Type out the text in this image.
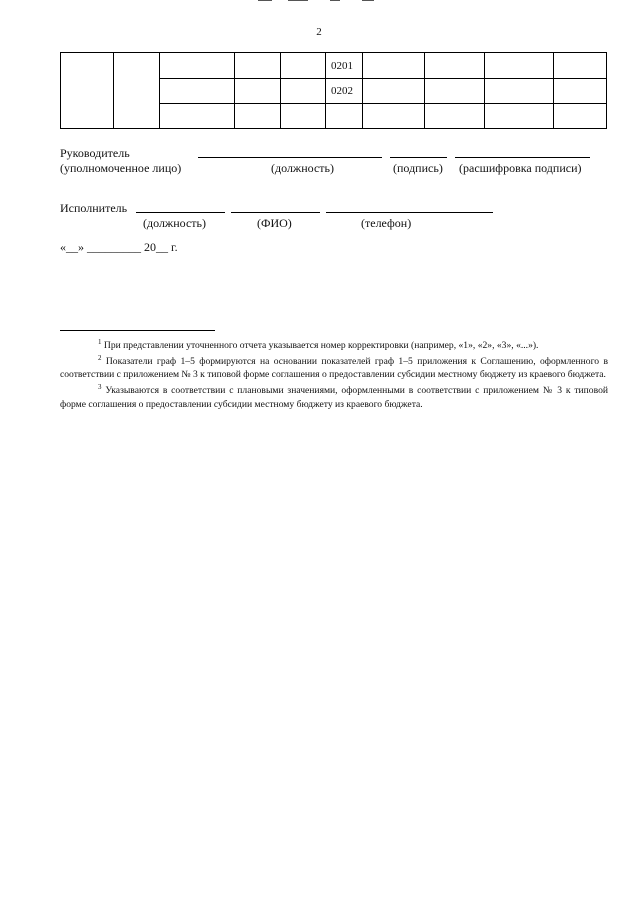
2
					0201				
					0202				

Руководитель
(уполномоченное лицо)	(должность)	(подпись) (расшифровка подписи)
Исполнитель
(должность)	(ФИО)	(телефон)
«__» _________ 20__ г.

$^1$ При представлении уточненного отчета указывается номер корректировки (например, «1», «2», «3», «...»).

$^2$ Показатели граф 1–5 формируются на основании показателей граф 1–5 приложения к Соглашению, оформленного в соответствии с приложением № 3 к типовой форме соглашения о предоставлении субсидии местному бюджету из краевого бюджета.

$^3$ Указываются в соответствии с плановыми значениями, оформленными в соответствии с приложением № 3 к типовой форме соглашения о предоставлении субсидии местному бюджету из краевого бюджета.
